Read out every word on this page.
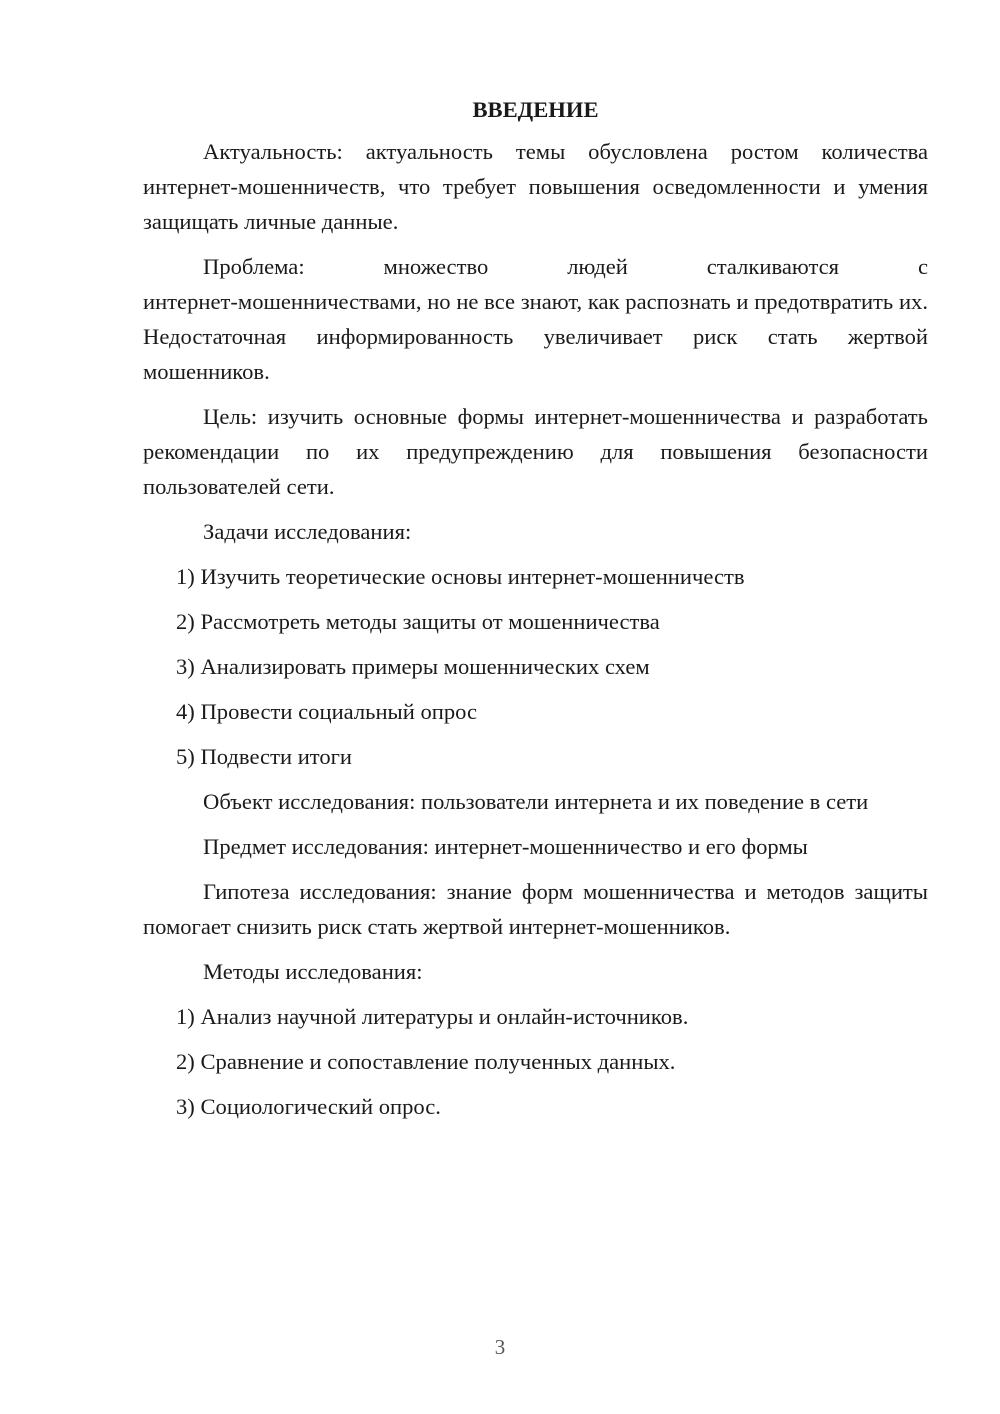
ВВЕДЕНИЕ

Актуальность: актуальность темы обусловлена ростом количества интернет-мошенничеств, что требует повышения осведомленности и умения защищать личные данные.

Проблема: множество людей сталкиваются с

интернет-мошенничествами, но не все знают, как распознать и предотвратить их. Недостаточная информированность увеличивает риск стать жертвой мошенников.

Цель: изучить основные формы интернет-мошенничества и разработать рекомендации по их предупреждению для повышения безопасности пользователей сети.

Задачи исследования:

1) Изучить теоретические основы интернет-мошенничеств
2) Рассмотреть методы защиты от мошенничества
3) Анализировать примеры мошеннических схем
4) Провести социальный опрос
5) Подвести итоги

Объект исследования: пользователи интернета и их поведение в сети

Предмет исследования: интернет-мошенничество и его формы

Гипотеза исследования: знание форм мошенничества и методов защиты помогает снизить риск стать жертвой интернет-мошенников.

Методы исследования:

1) Анализ научной литературы и онлайн-источников.
2) Сравнение и сопоставление полученных данных.
3) Социологический опрос.
3
